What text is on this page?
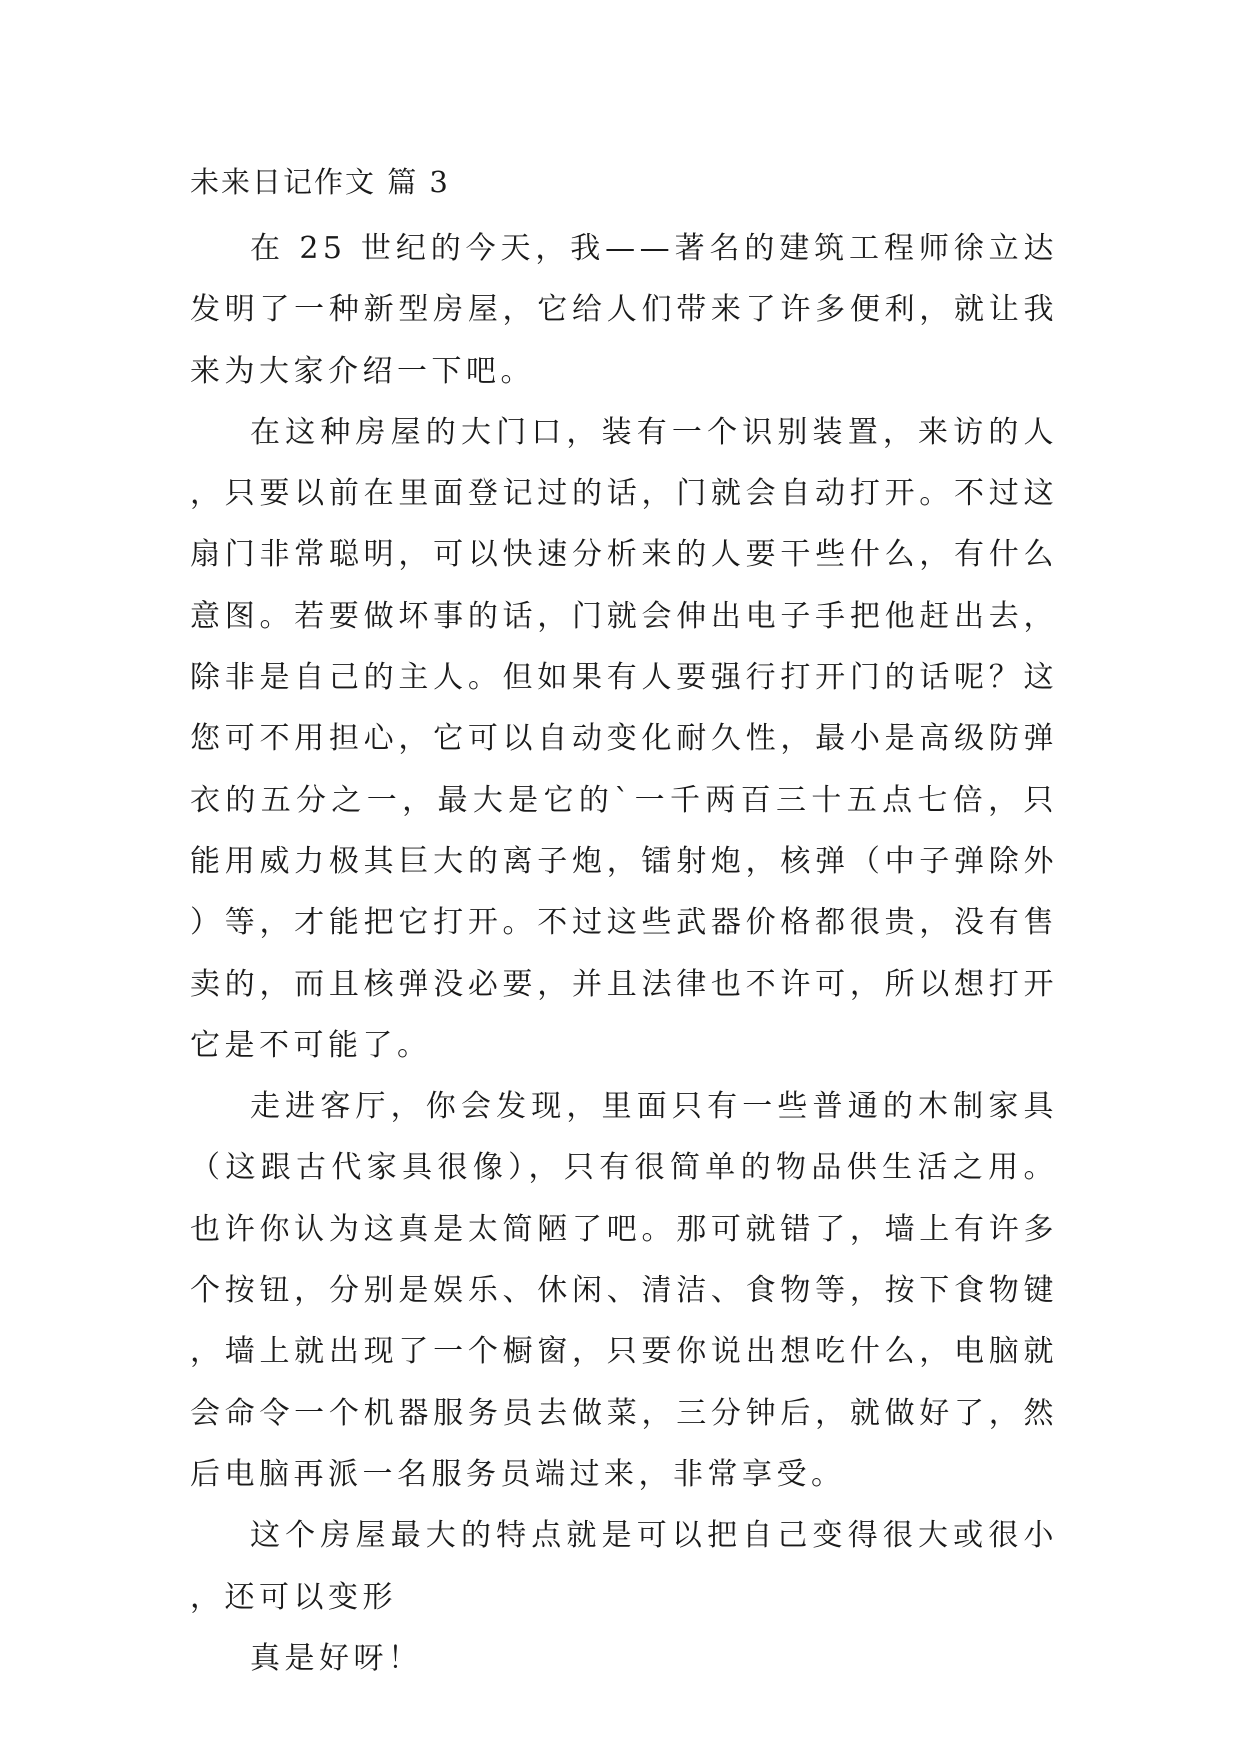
未来日记作文 篇 3

在 25 世纪的今天，我——著名的建筑工程师徐立达发明了一种新型房屋，它给人们带来了许多便利，就让我来为大家介绍一下吧。

在这种房屋的大门口，装有一个识别装置，来访的人，只要以前在里面登记过的话，门就会自动打开。不过这扇门非常聪明，可以快速分析来的人要干些什么，有什么意图。若要做坏事的话，门就会伸出电子手把他赶出去，除非是自己的主人。但如果有人要强行打开门的话呢？这您可不用担心，它可以自动变化耐久性，最小是高级防弹衣的五分之一，最大是它的`一千两百三十五点七倍，只能用威力极其巨大的离子炮，镭射炮，核弹（中子弹除外）等，才能把它打开。不过这些武器价格都很贵，没有售卖的，而且核弹没必要，并且法律也不许可，所以想打开它是不可能了。

走进客厅，你会发现，里面只有一些普通的木制家具（这跟古代家具很像），只有很简单的物品供生活之用。也许你认为这真是太简陋了吧。那可就错了，墙上有许多个按钮，分别是娱乐、休闲、清洁、食物等，按下食物键，墙上就出现了一个橱窗，只要你说出想吃什么，电脑就会命令一个机器服务员去做菜，三分钟后，就做好了，然后电脑再派一名服务员端过来，非常享受。

这个房屋最大的特点就是可以把自己变得很大或很小，还可以变形

真是好呀！
